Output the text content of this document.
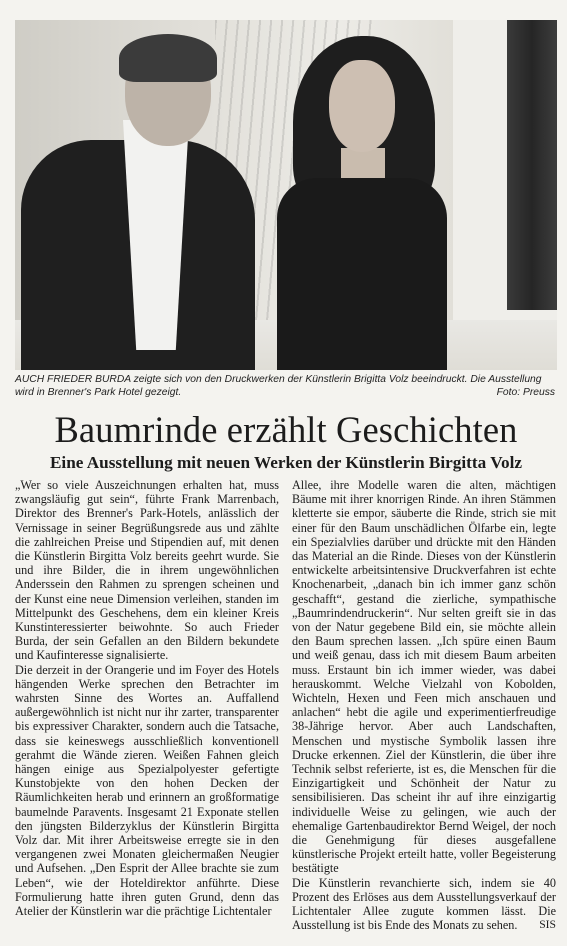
AUCH FRIEDER BURDA zeigte sich von den Druckwerken der Künstlerin Brigitta Volz beeindruckt. Die Ausstellung wird in Brenner's Park Hotel gezeigt.	Foto: Preuss
Baumrinde erzählt Geschichten
Eine Ausstellung mit neuen Werken der Künstlerin Birgitta Volz

„Wer so viele Auszeichnungen erhalten hat, muss zwangsläufig gut sein“, führte Frank Marrenbach, Direktor des Brenner's Park-Hotels, anlässlich der Vernissage in seiner Begrüßungsrede aus und zählte die zahlreichen Preise und Stipendien auf, mit denen die Künstlerin Birgitta Volz bereits geehrt wurde. Sie und ihre Bilder, die in ihrem ungewöhnlichen Anderssein den Rahmen zu sprengen scheinen und der Kunst eine neue Dimension verleihen, standen im Mittelpunkt des Geschehens, dem ein kleiner Kreis Kunstinteressierter beiwohnte. So auch Frieder Burda, der sein Gefallen an den Bildern bekundete und Kaufinteresse signalisierte.

Die derzeit in der Orangerie und im Foyer des Hotels hängenden Werke sprechen den Betrachter im wahrsten Sinne des Wortes an. Auffallend außergewöhnlich ist nicht nur ihr zarter, transparenter bis expressiver Charakter, sondern auch die Tatsache, dass sie keineswegs ausschließlich konventionell gerahmt die Wände zieren. Weißen Fahnen gleich hängen einige aus Spezialpolyester gefertigte Kunstobjekte von den hohen Decken der Räumlichkeiten herab und erinnern an großformatige baumelnde Paravents. Insgesamt 21 Exponate stellen den jüngsten Bilderzyklus der Künstlerin Birgitta Volz dar. Mit ihrer Arbeitsweise erregte sie in den vergangenen zwei Monaten gleichermaßen Neugier und Aufsehen. „Den Esprit der Allee brachte sie zum Leben“, wie der Hoteldirektor anführte. Diese Formulierung hatte ihren guten Grund, denn das Atelier der Künstlerin war die prächtige Lichtentaler

Allee, ihre Modelle waren die alten, mächtigen Bäume mit ihrer knorrigen Rinde. An ihren Stämmen kletterte sie empor, säuberte die Rinde, strich sie mit einer für den Baum unschädlichen Ölfarbe ein, legte ein Spezialvlies darüber und drückte mit den Händen das Material an die Rinde. Dieses von der Künstlerin entwickelte arbeitsintensive Druckverfahren ist echte Knochenarbeit, „danach bin ich immer ganz schön geschafft“, gestand die zierliche, sympathische „Baumrindendruckerin“. Nur selten greift sie in das von der Natur gegebene Bild ein, sie möchte allein den Baum sprechen lassen. „Ich spüre einen Baum und weiß genau, dass ich mit diesem Baum arbeiten muss. Erstaunt bin ich immer wieder, was dabei herauskommt. Welche Vielzahl von Kobolden, Wichteln, Hexen und Feen mich anschauen und anlachen“ hebt die agile und experimentierfreudige 38-Jährige hervor. Aber auch Landschaften, Menschen und mystische Symbolik lassen ihre Drucke erkennen. Ziel der Künstlerin, die über ihre Technik selbst referierte, ist es, die Menschen für die Einzigartigkeit und Schönheit der Natur zu sensibilisieren. Das scheint ihr auf ihre einzigartig individuelle Weise zu gelingen, wie auch der ehemalige Gartenbaudirektor Bernd Weigel, der noch die Genehmigung für dieses ausgefallene künstlerische Projekt erteilt hatte, voller Begeisterung bestätigte

Die Künstlerin revanchierte sich, indem sie 40 Prozent des Erlöses aus dem Ausstellungsverkauf der Lichtentaler Allee zugute kommen lässt. Die Ausstellung ist bis Ende des Monats zu sehen. SIS
